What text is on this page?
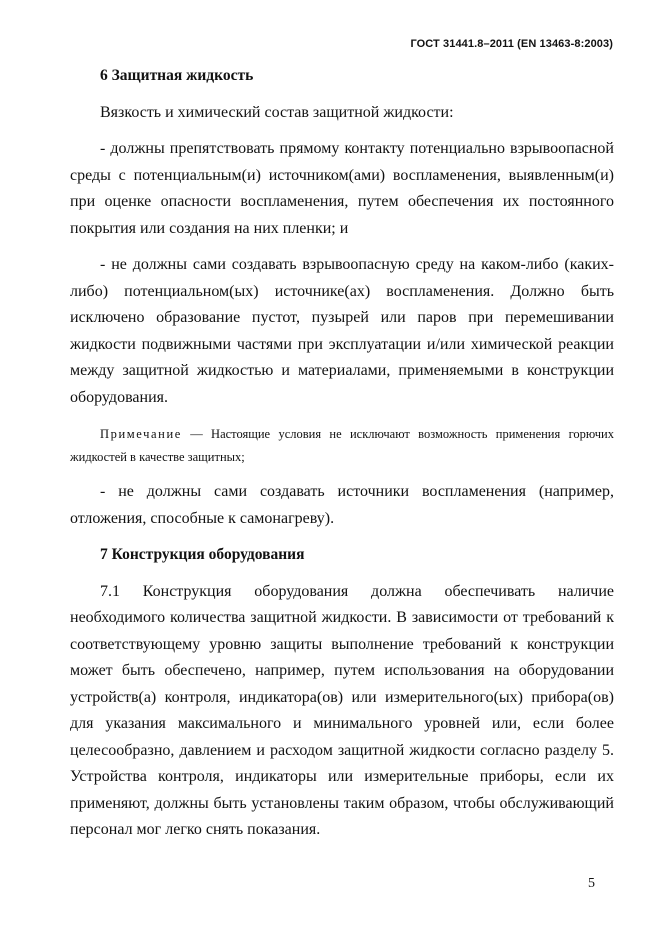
ГОСТ 31441.8–2011 (EN 13463-8:2003)

6 Защитная жидкость

Вязкость и химический состав защитной жидкости:

- должны препятствовать прямому контакту потенциально взрывоопасной среды с потенциальным(и) источником(ами) воспламенения, выявленным(и) при оценке опасности воспламенения, путем обеспечения их постоянного покрытия или создания на них пленки; и

- не должны сами создавать взрывоопасную среду на каком-либо (каких-либо) потенциальном(ых) источнике(ах) воспламенения. Должно быть исключено образование пустот, пузырей или паров при перемешивании жидкости подвижными частями при эксплуатации и/или химической реакции между защитной жидкостью и материалами, применяемыми в конструкции оборудования.

Примечание — Настоящие условия не исключают возможность применения горючих жидкостей в качестве защитных;

- не должны сами создавать источники воспламенения (например, отложения, способные к самонагреву).

7 Конструкция оборудования

7.1 Конструкция оборудования должна обеспечивать наличие необходимого количества защитной жидкости. В зависимости от требований к соответствующему уровню защиты выполнение требований к конструкции может быть обеспечено, например, путем использования на оборудовании устройств(а) контроля, индикатора(ов) или измерительного(ых) прибора(ов) для указания максимального и минимального уровней или, если более целесообразно, давлением и расходом защитной жидкости согласно разделу 5. Устройства контроля, индикаторы или измерительные приборы, если их применяют, должны быть установлены таким образом, чтобы обслуживающий персонал мог легко снять показания.

5
